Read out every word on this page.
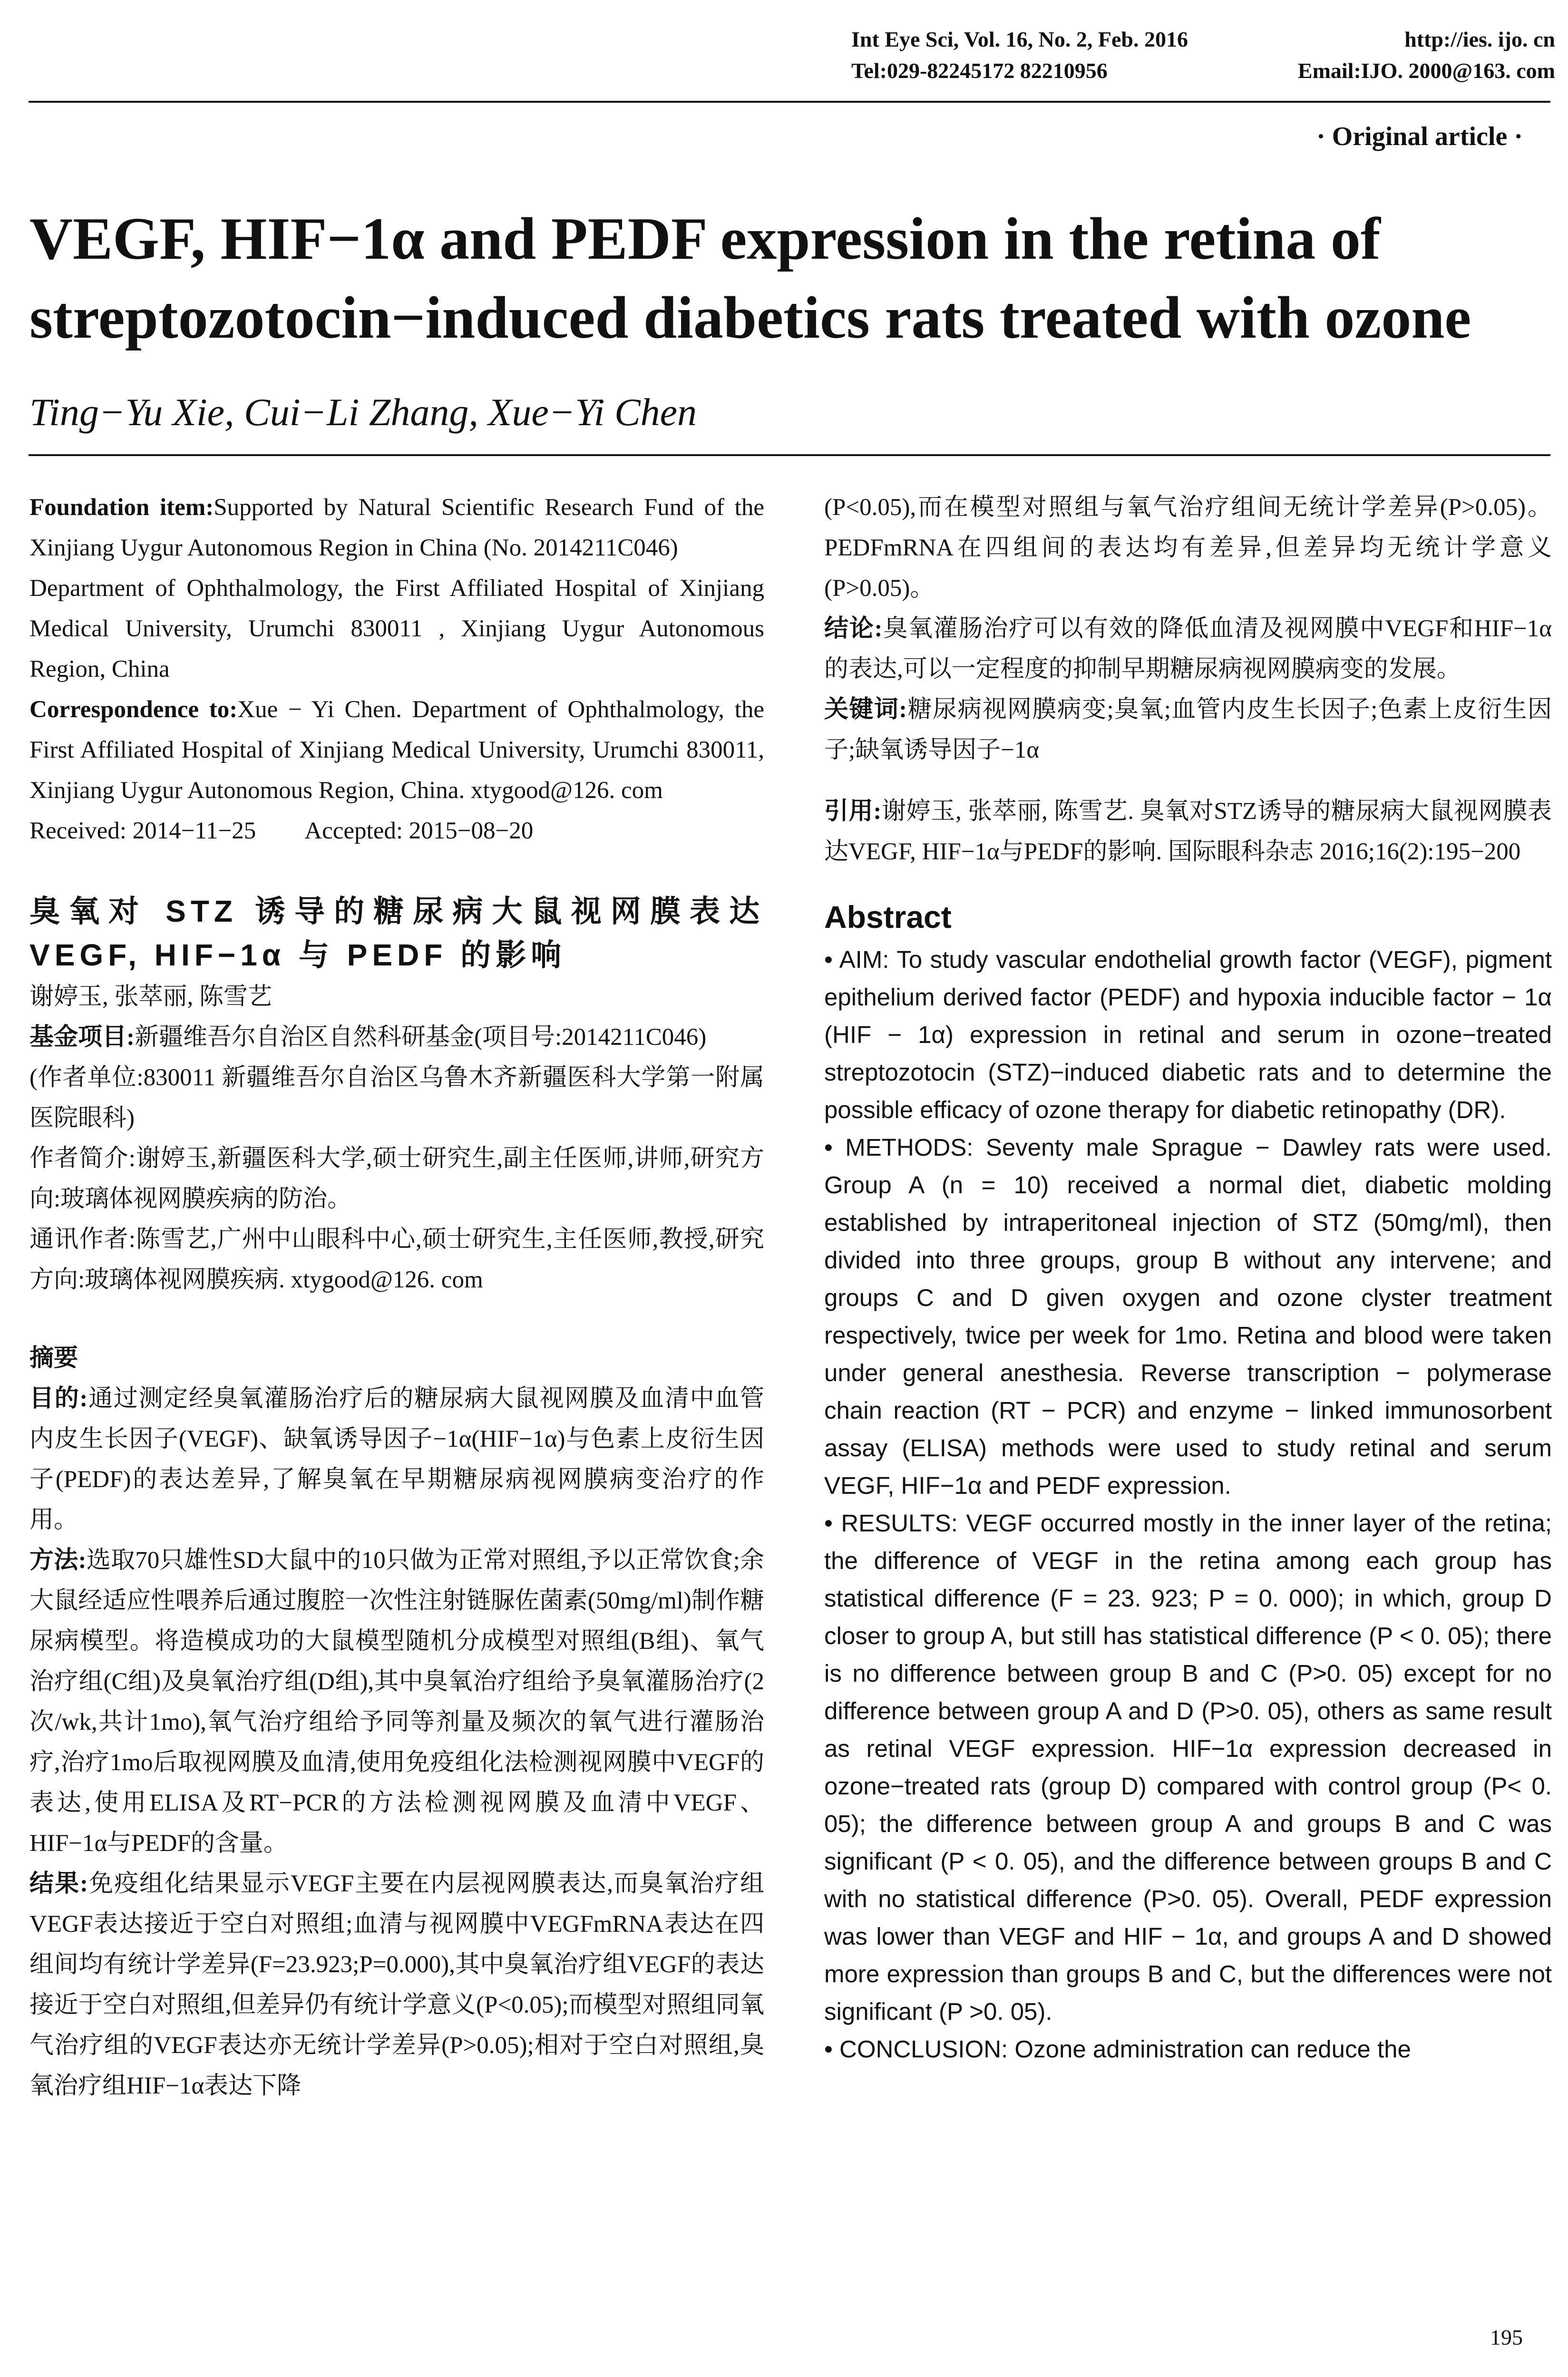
Int Eye Sci, Vol. 16, No. 2, Feb. 2016	http://ies. ijo. cn
Tel:029-82245172 82210956	Email:IJO. 2000@163. com
· Original article ·
VEGF, HIF−1α and PEDF expression in the retina of streptozotocin−induced diabetics rats treated with ozone
Ting−Yu Xie, Cui−Li Zhang, Xue−Yi Chen

Foundation item:Supported by Natural Scientific Research Fund of the Xinjiang Uygur Autonomous Region in China (No. 2014211C046)

Department of Ophthalmology, the First Affiliated Hospital of Xinjiang Medical University, Urumchi 830011 , Xinjiang Uygur Autonomous Region, China

Correspondence to:Xue − Yi Chen. Department of Ophthalmology, the First Affiliated Hospital of Xinjiang Medical University, Urumchi 830011, Xinjiang Uygur Autonomous Region, China. xtygood@126. com

Received: 2014−11−25 Accepted: 2015−08−20

臭氧对 STZ 诱导的糖尿病大鼠视网膜表达 VEGF, HIF−1α 与 PEDF 的影响

谢婷玉, 张萃丽, 陈雪艺

基金项目:新疆维吾尔自治区自然科研基金(项目号:2014211C046)

(作者单位:830011 新疆维吾尔自治区乌鲁木齐新疆医科大学第一附属医院眼科)

作者简介:谢婷玉,新疆医科大学,硕士研究生,副主任医师,讲师,研究方向:玻璃体视网膜疾病的防治。

通讯作者:陈雪艺,广州中山眼科中心,硕士研究生,主任医师,教授,研究方向:玻璃体视网膜疾病. xtygood@126. com

摘要

目的:通过测定经臭氧灌肠治疗后的糖尿病大鼠视网膜及血清中血管内皮生长因子(VEGF)、缺氧诱导因子−1α(HIF−1α)与色素上皮衍生因子(PEDF)的表达差异,了解臭氧在早期糖尿病视网膜病变治疗的作用。

方法:选取70只雄性SD大鼠中的10只做为正常对照组,予以正常饮食;余大鼠经适应性喂养后通过腹腔一次性注射链脲佐菌素(50mg/ml)制作糖尿病模型。将造模成功的大鼠模型随机分成模型对照组(B组)、氧气治疗组(C组)及臭氧治疗组(D组),其中臭氧治疗组给予臭氧灌肠治疗(2次/wk,共计1mo),氧气治疗组给予同等剂量及频次的氧气进行灌肠治疗,治疗1mo后取视网膜及血清,使用免疫组化法检测视网膜中VEGF的表达,使用ELISA及RT−PCR的方法检测视网膜及血清中VEGF、HIF−1α与PEDF的含量。

结果:免疫组化结果显示VEGF主要在内层视网膜表达,而臭氧治疗组VEGF表达接近于空白对照组;血清与视网膜中VEGFmRNA表达在四组间均有统计学差异(F=23.923;P=0.000),其中臭氧治疗组VEGF的表达接近于空白对照组,但差异仍有统计学意义(P<0.05);而模型对照组同氧气治疗组的VEGF表达亦无统计学差异(P>0.05);相对于空白对照组,臭氧治疗组HIF−1α表达下降

(P<0.05),而在模型对照组与氧气治疗组间无统计学差异(P>0.05)。PEDFmRNA在四组间的表达均有差异,但差异均无统计学意义(P>0.05)。

结论:臭氧灌肠治疗可以有效的降低血清及视网膜中VEGF和HIF−1α的表达,可以一定程度的抑制早期糖尿病视网膜病变的发展。

关键词:糖尿病视网膜病变;臭氧;血管内皮生长因子;色素上皮衍生因子;缺氧诱导因子−1α

引用:谢婷玉, 张萃丽, 陈雪艺. 臭氧对STZ诱导的糖尿病大鼠视网膜表达VEGF, HIF−1α与PEDF的影响. 国际眼科杂志 2016;16(2):195−200

Abstract

• AIM: To study vascular endothelial growth factor (VEGF), pigment epithelium derived factor (PEDF) and hypoxia inducible factor − 1α (HIF − 1α) expression in retinal and serum in ozone−treated streptozotocin (STZ)−induced diabetic rats and to determine the possible efficacy of ozone therapy for diabetic retinopathy (DR).

• METHODS: Seventy male Sprague − Dawley rats were used. Group A (n = 10) received a normal diet, diabetic molding established by intraperitoneal injection of STZ (50mg/ml), then divided into three groups, group B without any intervene; and groups C and D given oxygen and ozone clyster treatment respectively, twice per week for 1mo. Retina and blood were taken under general anesthesia. Reverse transcription − polymerase chain reaction (RT − PCR) and enzyme − linked immunosorbent assay (ELISA) methods were used to study retinal and serum VEGF, HIF−1α and PEDF expression.

• RESULTS: VEGF occurred mostly in the inner layer of the retina; the difference of VEGF in the retina among each group has statistical difference (F = 23. 923; P = 0. 000); in which, group D closer to group A, but still has statistical difference (P < 0. 05); there is no difference between group B and C (P>0. 05) except for no difference between group A and D (P>0. 05), others as same result as retinal VEGF expression. HIF−1α expression decreased in ozone−treated rats (group D) compared with control group (P< 0. 05); the difference between group A and groups B and C was significant (P < 0. 05), and the difference between groups B and C with no statistical difference (P>0. 05). Overall, PEDF expression was lower than VEGF and HIF − 1α, and groups A and D showed more expression than groups B and C, but the differences were not significant (P >0. 05).

• CONCLUSION: Ozone administration can reduce the

195
